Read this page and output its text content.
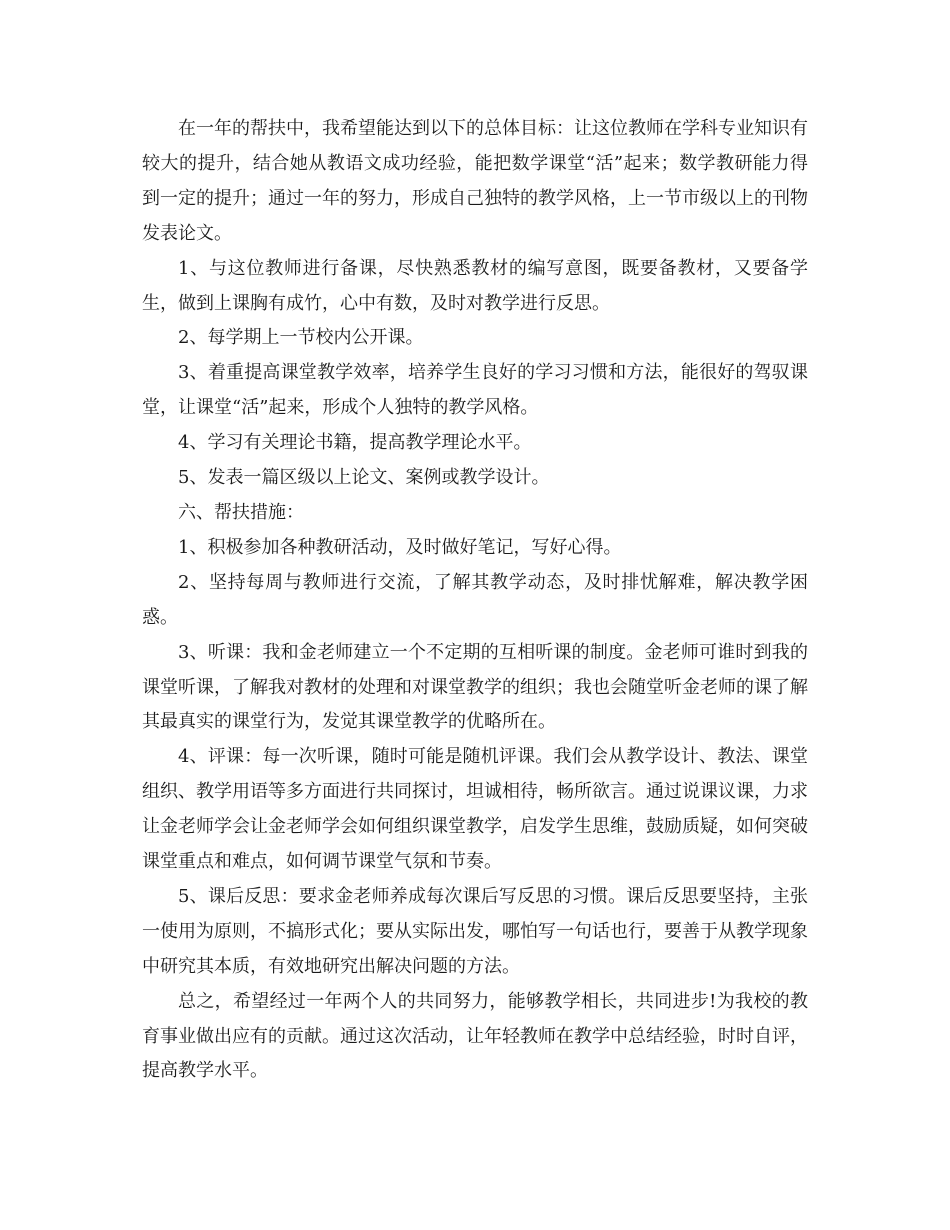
在一年的帮扶中，我希望能达到以下的总体目标：让这位教师在学科专业知识有较大的提升，结合她从教语文成功经验，能把数学课堂“活”起来；数学教研能力得到一定的提升；通过一年的努力，形成自己独特的教学风格，上一节市级以上的刊物发表论文。

1、与这位教师进行备课，尽快熟悉教材的编写意图，既要备教材，又要备学生，做到上课胸有成竹，心中有数，及时对教学进行反思。

2、每学期上一节校内公开课。

3、着重提高课堂教学效率，培养学生良好的学习习惯和方法，能很好的驾驭课堂，让课堂“活”起来，形成个人独特的教学风格。

4、学习有关理论书籍，提高教学理论水平。

5、发表一篇区级以上论文、案例或教学设计。

六、帮扶措施：

1、积极参加各种教研活动，及时做好笔记，写好心得。

2、坚持每周与教师进行交流，了解其教学动态，及时排忧解难，解决教学困惑。

3、听课：我和金老师建立一个不定期的互相听课的制度。金老师可谁时到我的课堂听课，了解我对教材的处理和对课堂教学的组织；我也会随堂听金老师的课了解其最真实的课堂行为，发觉其课堂教学的优略所在。

4、评课：每一次听课，随时可能是随机评课。我们会从教学设计、教法、课堂组织、教学用语等多方面进行共同探讨，坦诚相待，畅所欲言。通过说课议课，力求让金老师学会让金老师学会如何组织课堂教学，启发学生思维，鼓励质疑，如何突破课堂重点和难点，如何调节课堂气氛和节奏。

5、课后反思：要求金老师养成每次课后写反思的习惯。课后反思要坚持，主张一使用为原则，不搞形式化；要从实际出发，哪怕写一句话也行，要善于从教学现象中研究其本质，有效地研究出解决问题的方法。

总之，希望经过一年两个人的共同努力，能够教学相长，共同进步!为我校的教育事业做出应有的贡献。通过这次活动，让年轻教师在教学中总结经验，时时自评，提高教学水平。
